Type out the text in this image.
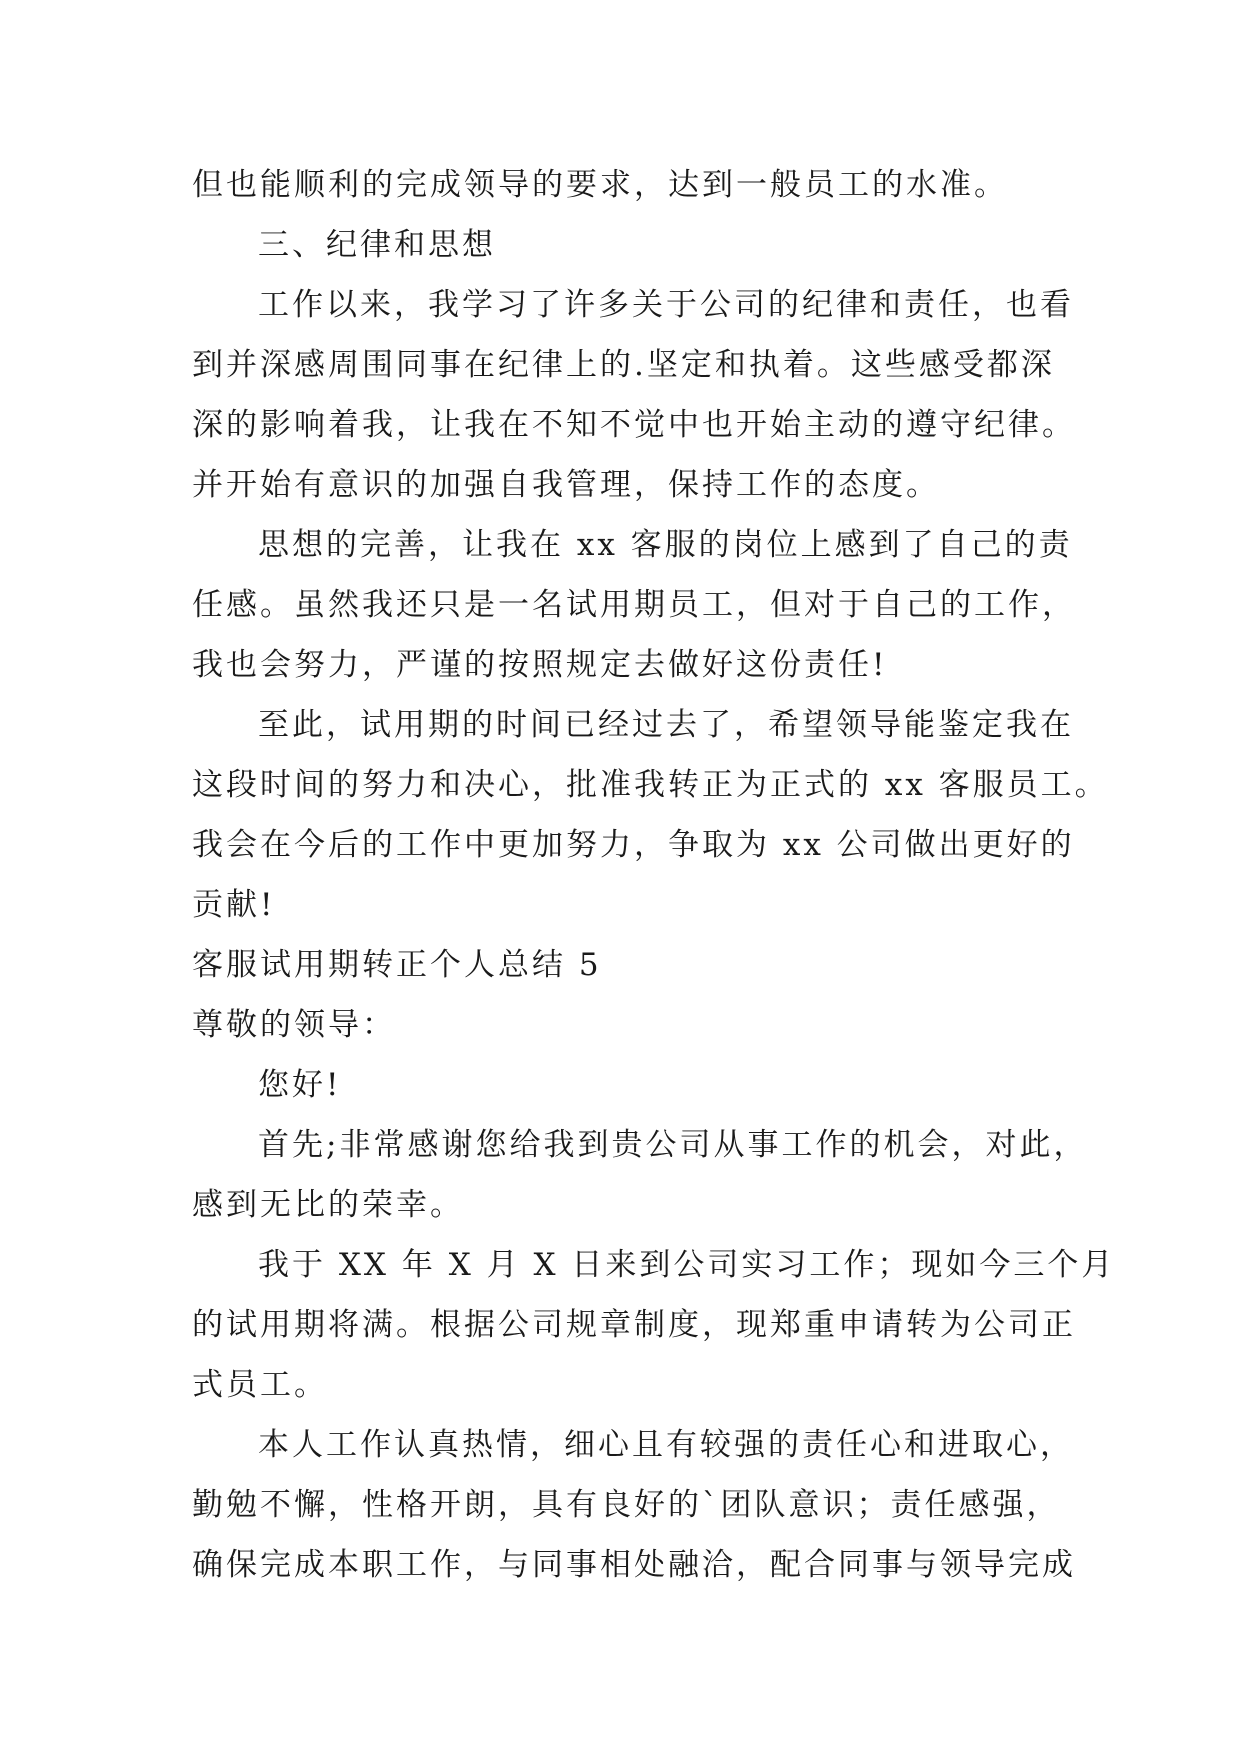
但也能顺利的完成领导的要求，达到一般员工的水准。
三、纪律和思想
工作以来，我学习了许多关于公司的纪律和责任，也看
到并深感周围同事在纪律上的.坚定和执着。这些感受都深
深的影响着我，让我在不知不觉中也开始主动的遵守纪律。
并开始有意识的加强自我管理，保持工作的态度。
思想的完善，让我在 xx 客服的岗位上感到了自己的责
任感。虽然我还只是一名试用期员工，但对于自己的工作，
我也会努力，严谨的按照规定去做好这份责任!
至此，试用期的时间已经过去了，希望领导能鉴定我在
这段时间的努力和决心，批准我转正为正式的 xx 客服员工。
我会在今后的工作中更加努力，争取为 xx 公司做出更好的
贡献!
客服试用期转正个人总结 5
尊敬的领导：
您好!
首先;非常感谢您给我到贵公司从事工作的机会，对此，
感到无比的荣幸。
我于 XX 年 X 月 X 日来到公司实习工作；现如今三个月
的试用期将满。根据公司规章制度，现郑重申请转为公司正
式员工。
本人工作认真热情，细心且有较强的责任心和进取心，
勤勉不懈，性格开朗，具有良好的`团队意识；责任感强，
确保完成本职工作，与同事相处融洽，配合同事与领导完成
